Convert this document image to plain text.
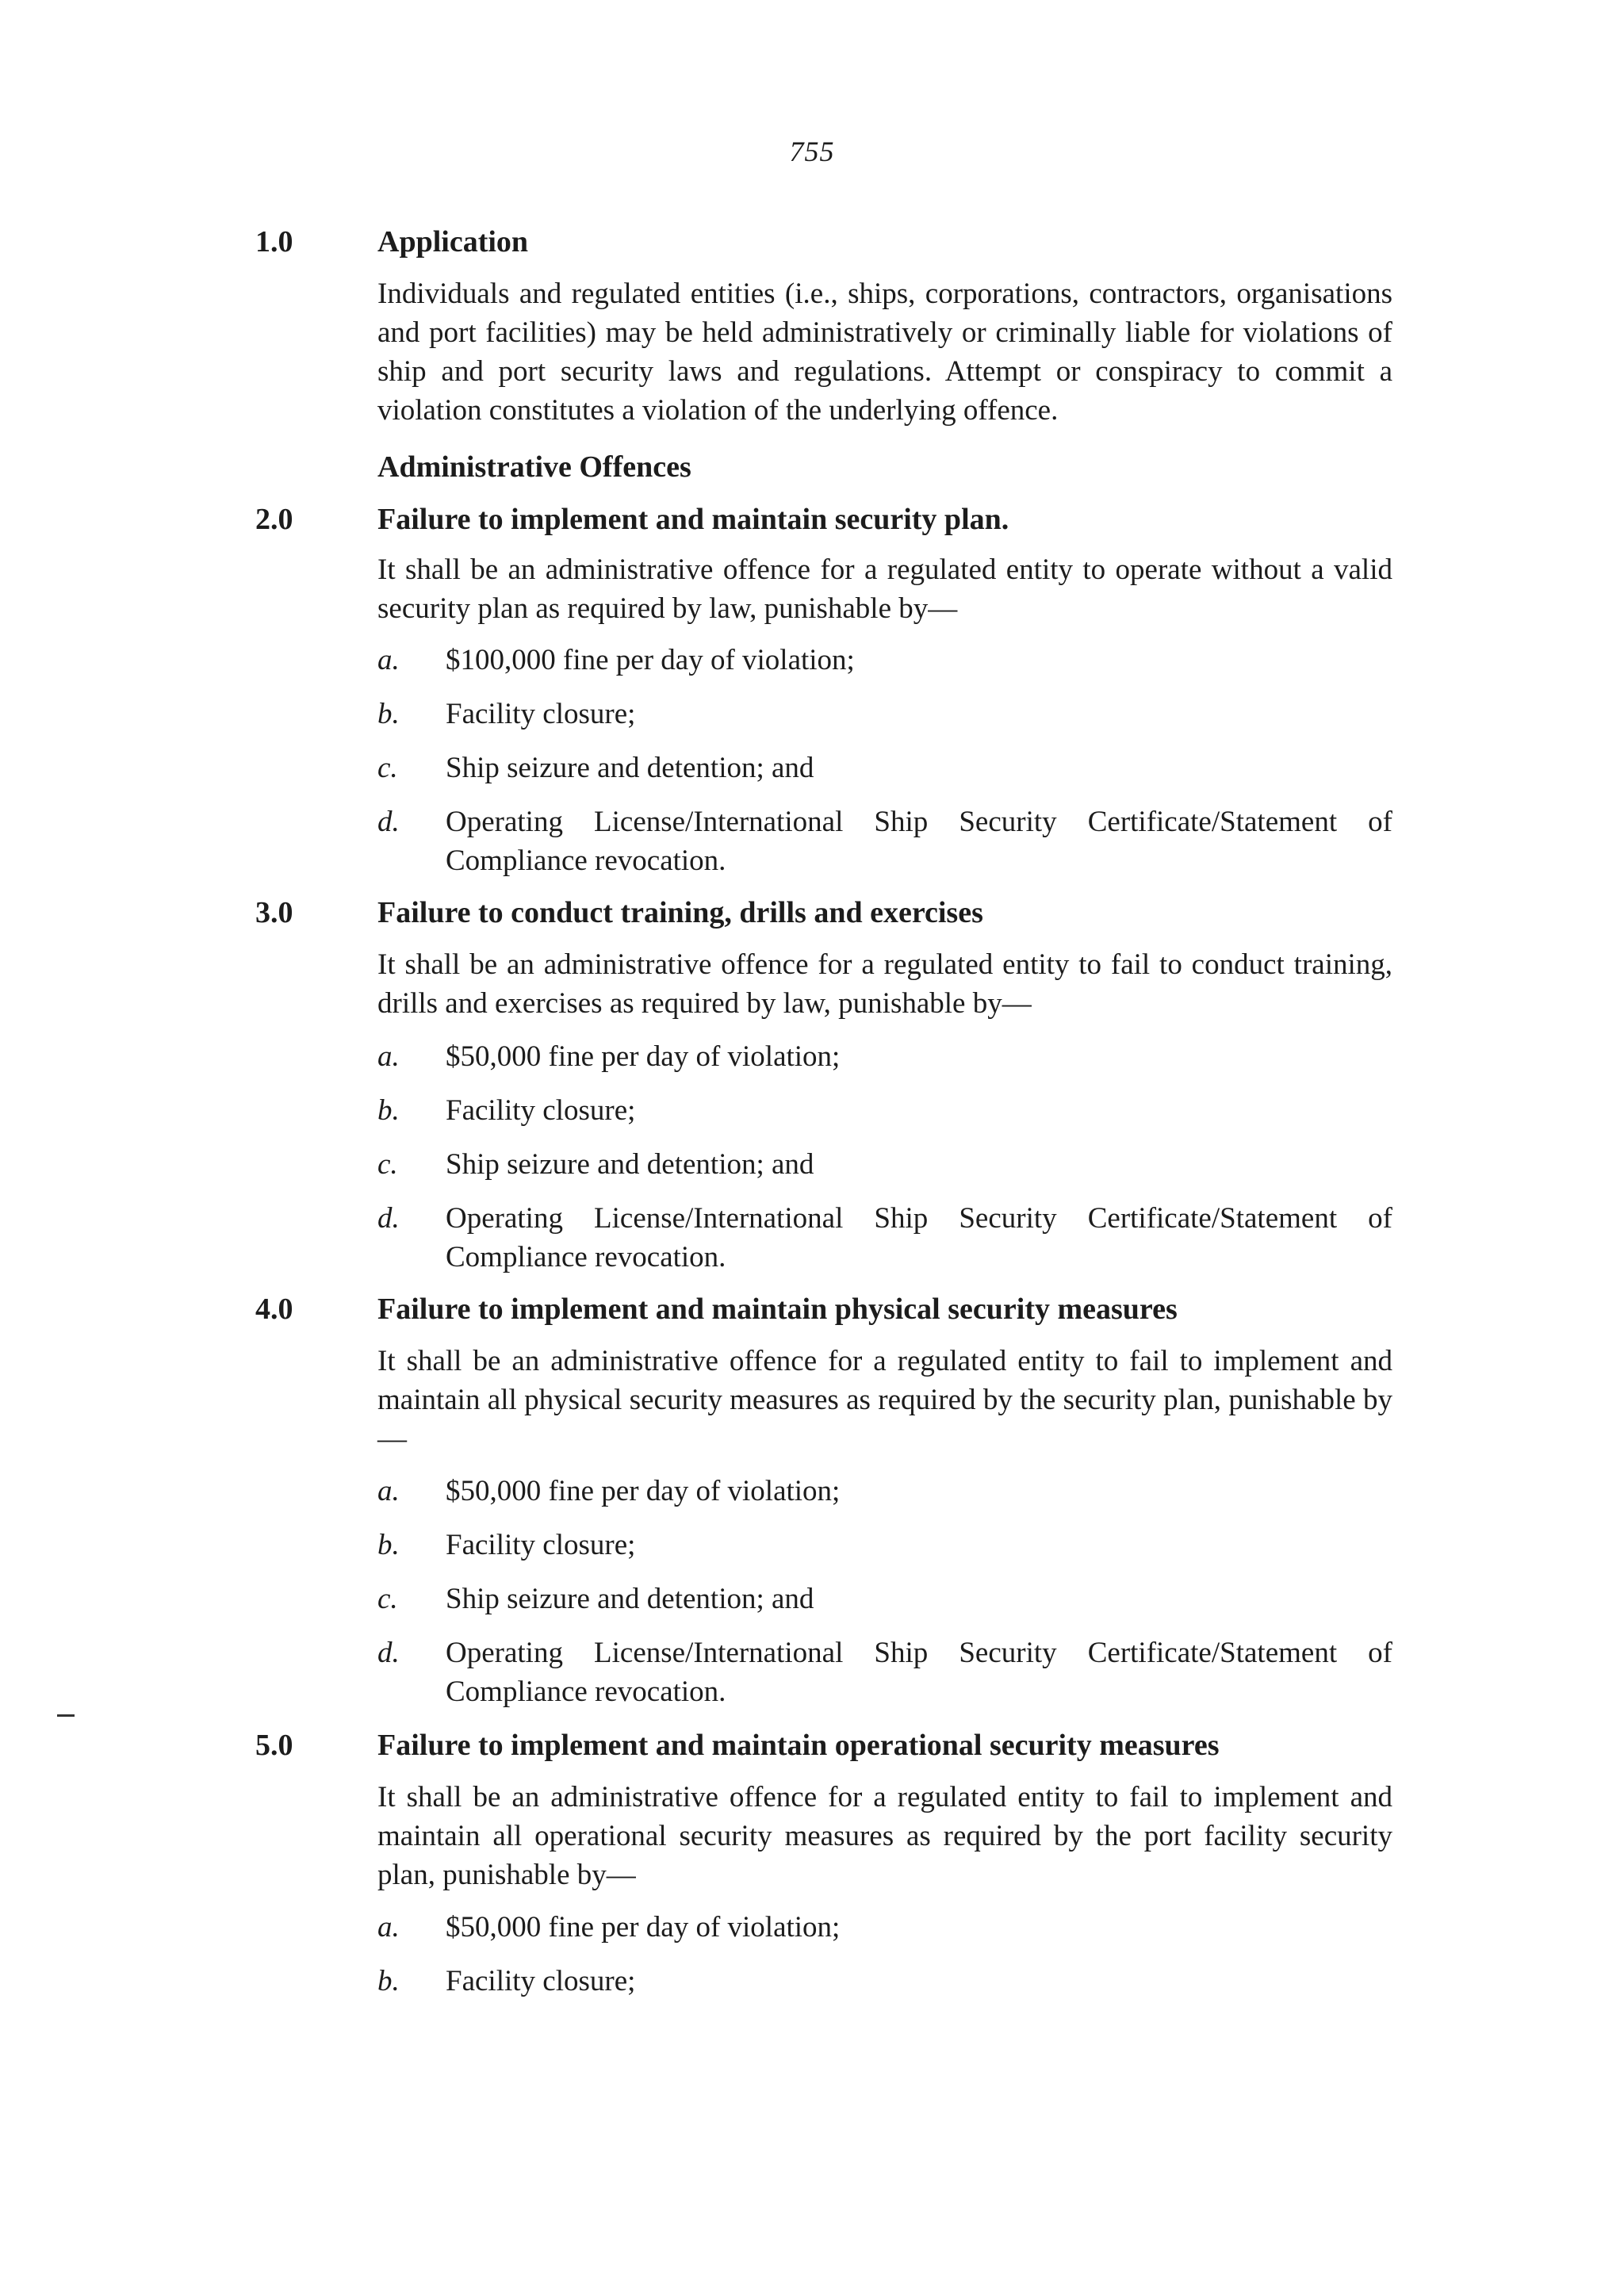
755
1.0	Application
Individuals and regulated entities (i.e., ships, corporations, contractors, organisations and port facilities) may be held administratively or criminally liable for violations of ship and port security laws and regulations. Attempt or conspiracy to commit a violation constitutes a violation of the underlying offence.
Administrative Offences
2.0	Failure to implement and maintain security plan.
It shall be an administrative offence for a regulated entity to operate without a valid security plan as required by law, punishable by—
a. $100,000 fine per day of violation;
b. Facility closure;
c. Ship seizure and detention; and
d. Operating License/International Ship Security Certificate/Statement of Compliance revocation.
3.0	Failure to conduct training, drills and exercises
It shall be an administrative offence for a regulated entity to fail to conduct training, drills and exercises as required by law, punishable by—
a. $50,000 fine per day of violation;
b. Facility closure;
c. Ship seizure and detention; and
d. Operating License/International Ship Security Certificate/Statement of Compliance revocation.
4.0	Failure to implement and maintain physical security measures
It shall be an administrative offence for a regulated entity to fail to implement and maintain all physical security measures as required by the security plan, punishable by—
a. $50,000 fine per day of violation;
b. Facility closure;
c. Ship seizure and detention; and
d. Operating License/International Ship Security Certificate/Statement of Compliance revocation.
5.0	Failure to implement and maintain operational security measures
It shall be an administrative offence for a regulated entity to fail to implement and maintain all operational security measures as required by the port facility security plan, punishable by—
a. $50,000 fine per day of violation;
b. Facility closure;
